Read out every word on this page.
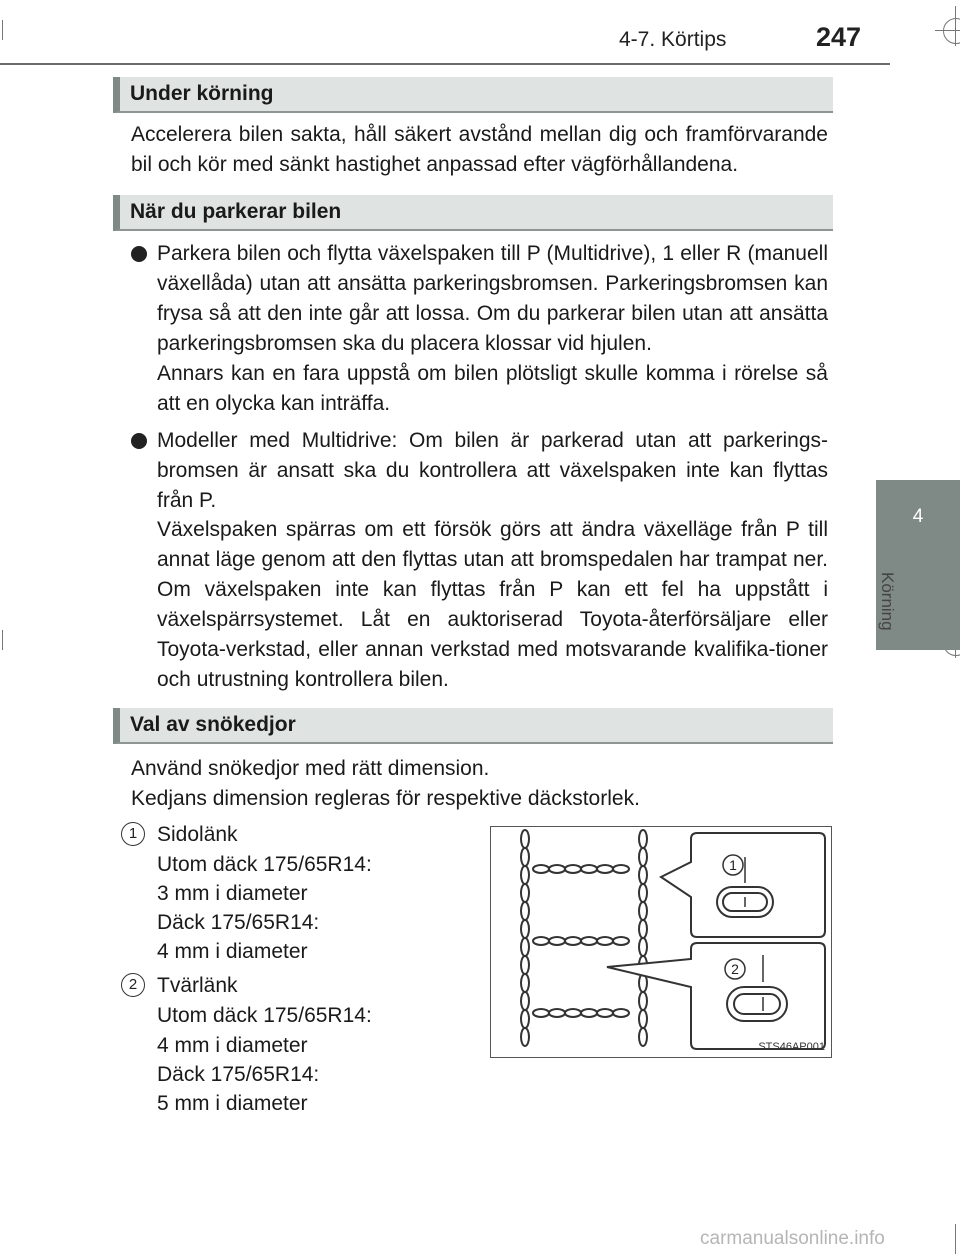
4-7. Körtips	247
4
Körning
Under körning
Accelerera bilen sakta, håll säkert avstånd mellan dig och framförvarande bil och kör med sänkt hastighet anpassad efter vägförhållandena.
När du parkerar bilen
Parkera bilen och flytta växelspaken till P (Multidrive), 1 eller R (manuell växellåda) utan att ansätta parkeringsbromsen. Parkeringsbromsen kan frysa så att den inte går att lossa. Om du parkerar bilen utan att ansätta parkeringsbromsen ska du placera klossar vid hjulen.
Annars kan en fara uppstå om bilen plötsligt skulle komma i rörelse så att en olycka kan inträffa.
Modeller med Multidrive: Om bilen är parkerad utan att parkerings-bromsen är ansatt ska du kontrollera att växelspaken inte kan flyttas från P.
Växelspaken spärras om ett försök görs att ändra växelläge från P till annat läge genom att den flyttas utan att bromspedalen har trampat ner. Om växelspaken inte kan flyttas från P kan ett fel ha uppstått i växelspärrsystemet. Låt en auktoriserad Toyota-återförsäljare eller Toyota-verkstad, eller annan verkstad med motsvarande kvalifika-tioner och utrustning kontrollera bilen.
Val av snökedjor
Använd snökedjor med rätt dimension.
Kedjans dimension regleras för respektive däckstorlek.
1 Sidolänk
Utom däck 175/65R14:
3 mm i diameter
Däck 175/65R14:
4 mm i diameter
2 Tvärlänk
Utom däck 175/65R14:
4 mm i diameter
Däck 175/65R14:
5 mm i diameter
1
2
STS46AP001
carmanualsonline.info
